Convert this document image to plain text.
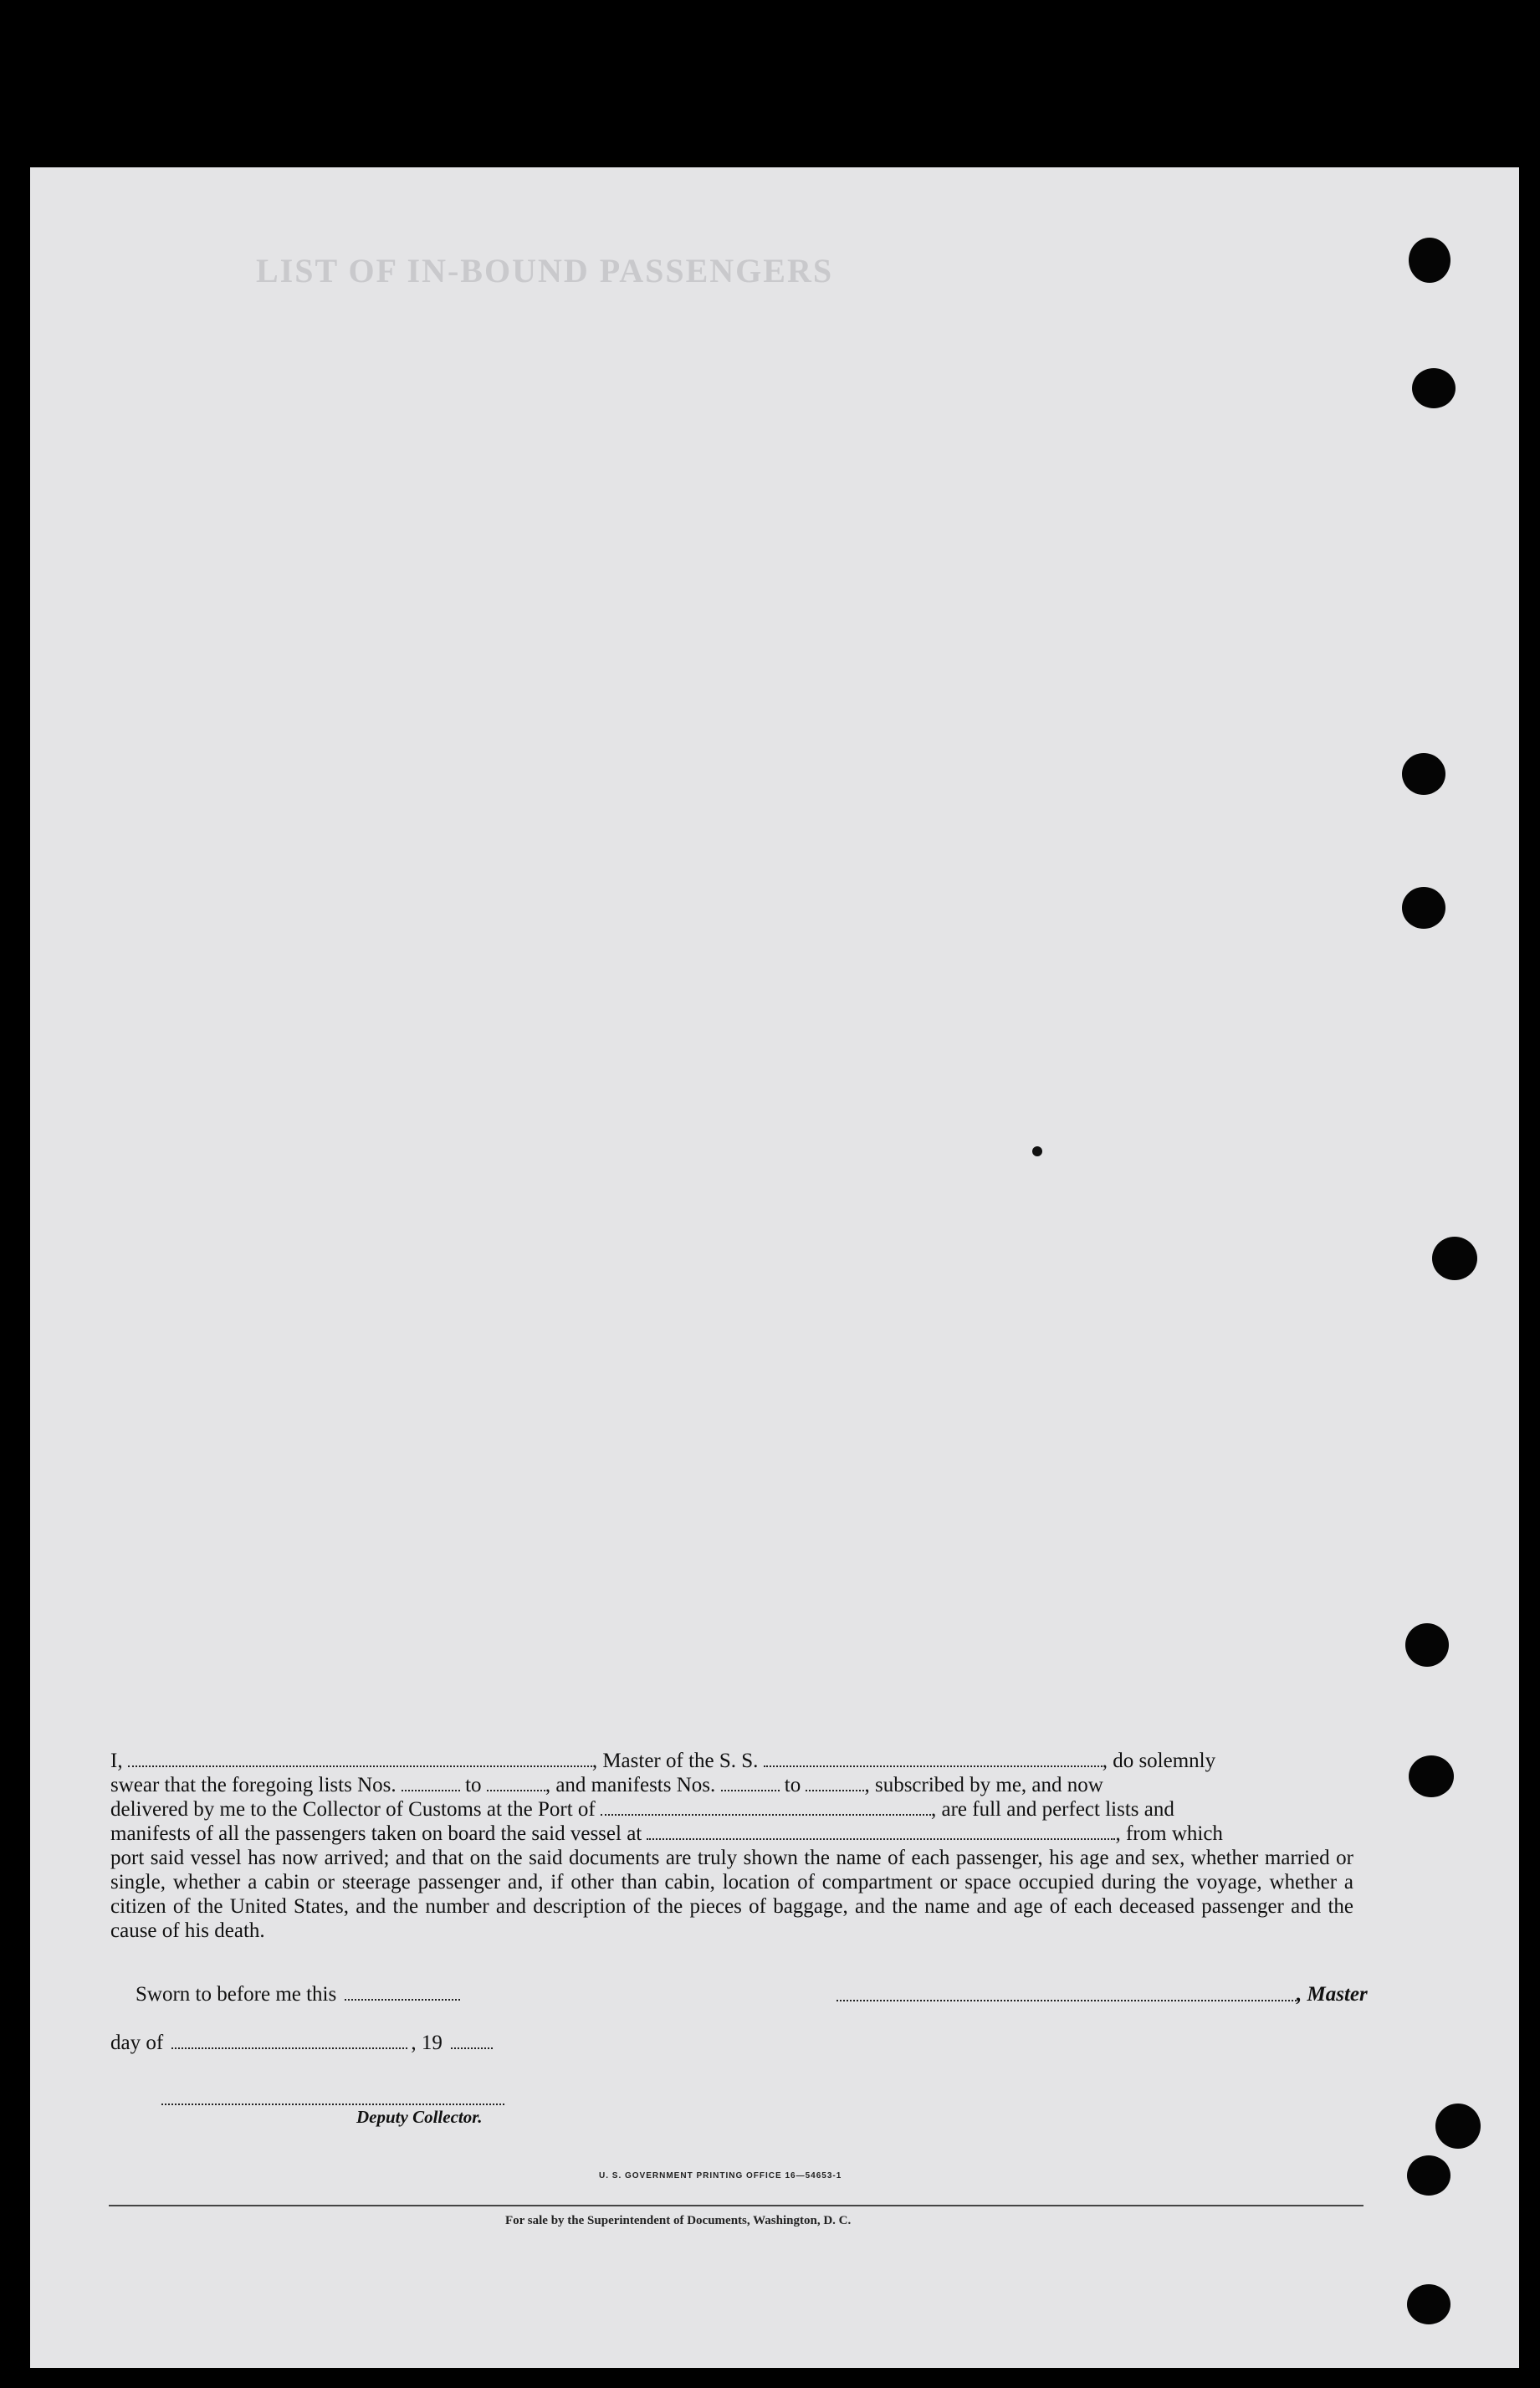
LIST OF IN-BOUND PASSENGERS

I,	, Master of the S. S.	, do solemnly

swear that the foregoing lists Nos.	to	, and manifests Nos.	to	, subscribed by me, and now

delivered by me to the Collector of Customs at the Port of	, are full and perfect lists and

manifests of all the passengers taken on board the said vessel at	, from which

port said vessel has now arrived; and that on the said documents are truly shown the name of each passenger, his age and sex, whether married or single, whether a cabin or steerage passenger and, if other than cabin, location of compartment or space occupied during the voyage, whether a citizen of the United States, and the number and description of the pieces of baggage, and the name and age of each deceased passenger and the cause of his death.

Sworn to before me this	, Master
day of	, 19
Deputy Collector.
U. S. GOVERNMENT PRINTING OFFICE 16—54653-1
For sale by the Superintendent of Documents, Washington, D. C.
